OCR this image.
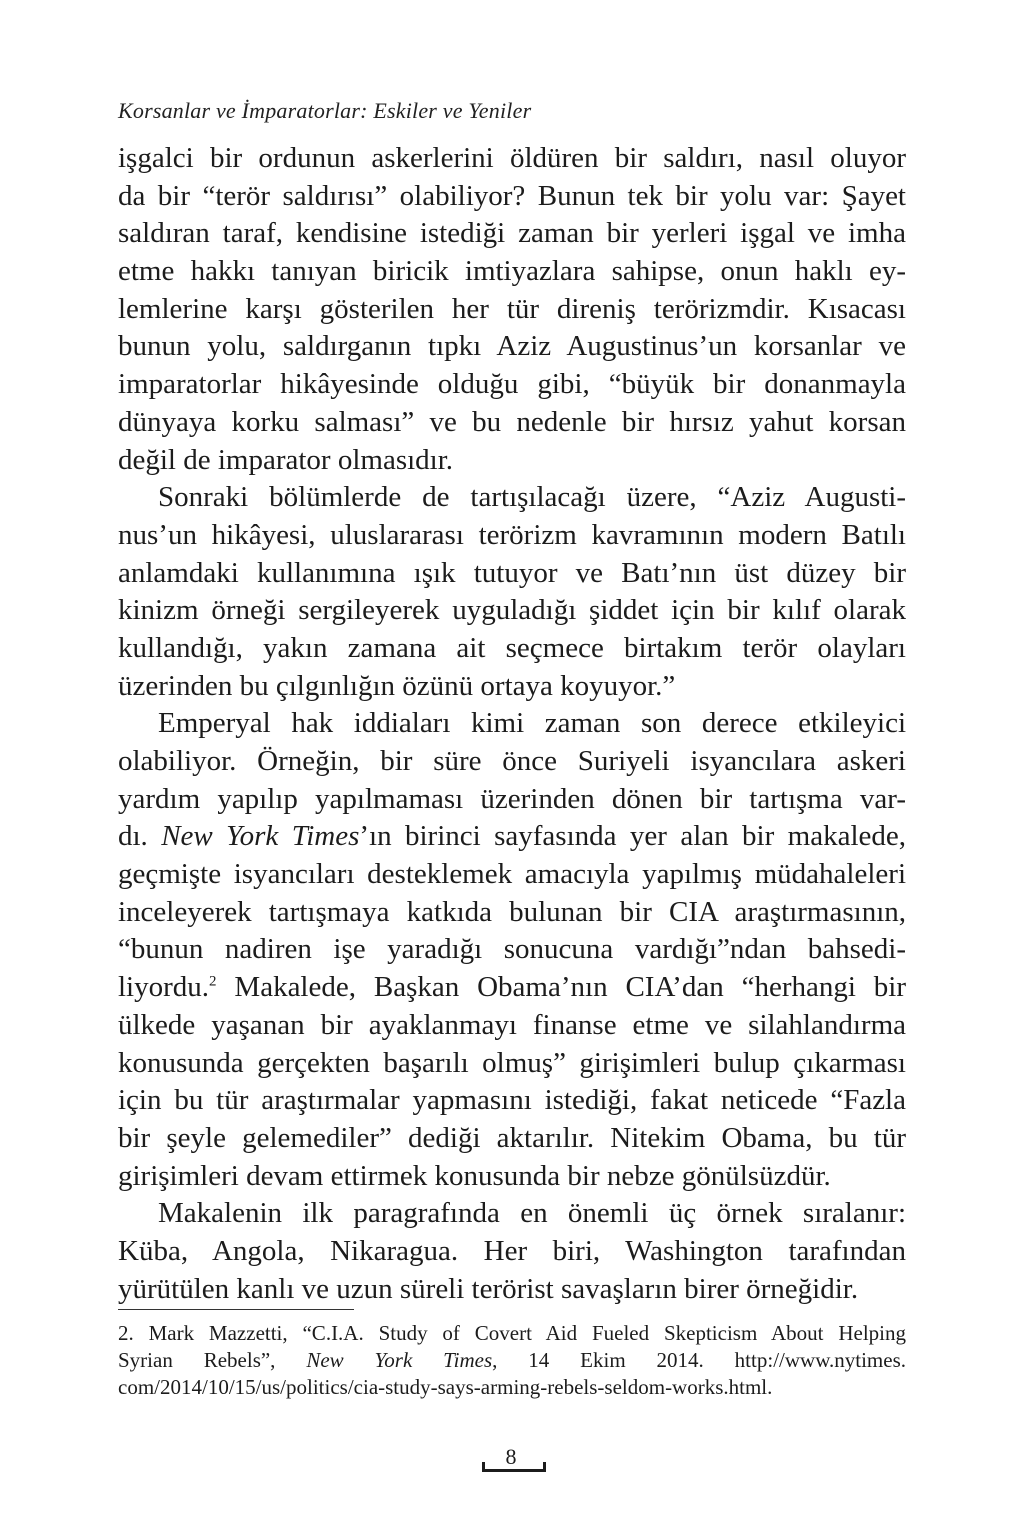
Korsanlar ve İmparatorlar: Eskiler ve Yeniler
işgalci bir ordunun askerlerini öldüren bir saldırı, nasıl oluyor
da bir “terör saldırısı” olabiliyor? Bunun tek bir yolu var: Şayet
saldıran taraf, kendisine istediği zaman bir yerleri işgal ve imha
etme hakkı tanıyan biricik imtiyazlara sahipse, onun haklı ey-
lemlerine karşı gösterilen her tür direniş terörizmdir. Kısacası
bunun yolu, saldırganın tıpkı Aziz Augustinus’un korsanlar ve
imparatorlar hikâyesinde olduğu gibi, “büyük bir donanmayla
dünyaya korku salması” ve bu nedenle bir hırsız yahut korsan
değil de imparator olmasıdır.
Sonraki bölümlerde de tartışılacağı üzere, “Aziz Augusti-
nus’un hikâyesi, uluslararası terörizm kavramının modern Batılı
anlamdaki kullanımına ışık tutuyor ve Batı’nın üst düzey bir
kinizm örneği sergileyerek uyguladığı şiddet için bir kılıf olarak
kullandığı, yakın zamana ait seçmece birtakım terör olayları
üzerinden bu çılgınlığın özünü ortaya koyuyor.”
Emperyal hak iddiaları kimi zaman son derece etkileyici
olabiliyor. Örneğin, bir süre önce Suriyeli isyancılara askeri
yardım yapılıp yapılmaması üzerinden dönen bir tartışma var-
dı. New York Times’ın birinci sayfasında yer alan bir makalede,
geçmişte isyancıları desteklemek amacıyla yapılmış müdahaleleri
inceleyerek tartışmaya katkıda bulunan bir CIA araştırmasının,
“bunun nadiren işe yaradığı sonucuna vardığı”ndan bahsedi-
liyordu.$^2$ Makalede, Başkan Obama’nın CIA’dan “herhangi bir
ülkede yaşanan bir ayaklanmayı finanse etme ve silahlandırma
konusunda gerçekten başarılı olmuş” girişimleri bulup çıkarması
için bu tür araştırmalar yapmasını istediği, fakat neticede “Fazla
bir şeyle gelemediler” dediği aktarılır. Nitekim Obama, bu tür
girişimleri devam ettirmek konusunda bir nebze gönülsüzdür.
Makalenin ilk paragrafında en önemli üç örnek sıralanır:
Küba, Angola, Nikaragua. Her biri, Washington tarafından
yürütülen kanlı ve uzun süreli terörist savaşların birer örneğidir.
2. Mark Mazzetti, “C.I.A. Study of Covert Aid Fueled Skepticism About Helping
Syrian Rebels”, New York Times, 14 Ekim 2014. http://www.nytimes.
com/2014/10/15/us/politics/cia-study-says-arming-rebels-seldom-works.html.
8
